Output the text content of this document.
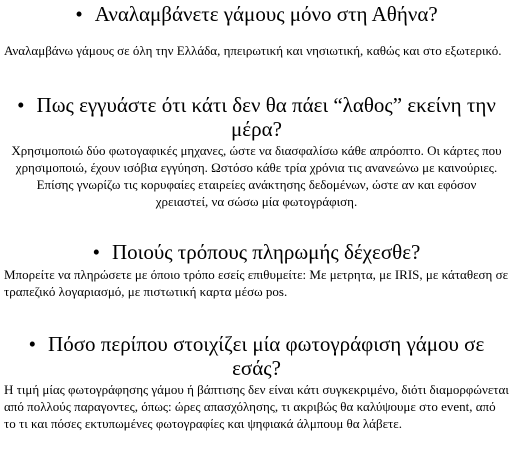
• Αναλαμβάνετε γάμους μόνο στη Αθήνα?

Αναλαμβάνω γάμους σε όλη την Ελλάδα, ηπειρωτική και νησιωτική, καθώς και στο εξωτερικό.

• Πως εγγυάστε ότι κάτι δεν θα πάει “λαθος” εκείνη την μέρα?

Χρησιμοποιώ δύο φωτογαφικές μηχανες, ώστε να διασφαλίσω κάθε απρόοπτο. Οι κάρτες που χρησιμοποιώ, έχουν ισόβια εγγύηση. Ωστόσο κάθε τρία χρόνια τις ανανεώνω με καινούριες. Επίσης γνωρίζω τις κορυφαίες εταιρείες ανάκτησης δεδομένων, ώστε αν και εφόσον χρειαστεί, να σώσω μία φωτογράφιση.

• Ποιούς τρόπους πληρωμής δέχεσθε?

Μπορείτε να πληρώσετε με όποιο τρόπο εσείς επιθυμείτε: Με μετρητα, με IRIS, με κάταθεση σε τραπεζικό λογαριασμό, με πιστωτική καρτα μέσω pos.

• Πόσο περίπου στοιχίζει μία φωτογράφιση γάμου σε εσάς?

Η τιμή μίας φωτογράφησης γάμου ή βάπτισης δεν είναι κάτι συγκεκριμένο, διότι διαμορφώνεται από πολλούς παραγοντες, όπως: ώρες απασχόλησης, τι ακριβώς θα καλύψουμε στο event, από το τι και πόσες εκτυπωμένες φωτογραφίες και ψηφιακά άλμπουμ θα λάβετε.
